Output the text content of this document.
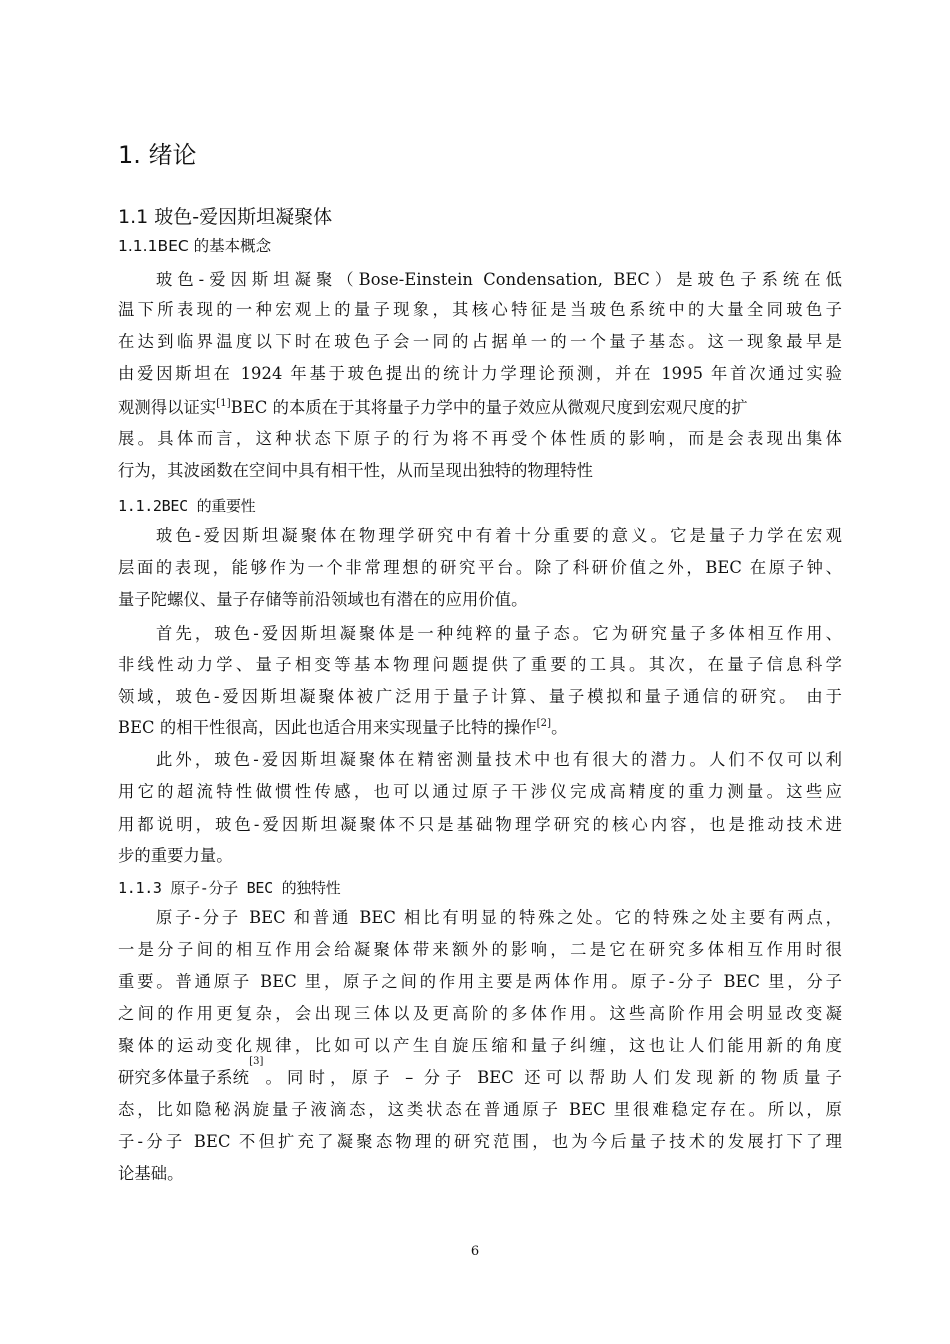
1. 绪论
1.1 玻色-爱因斯坦凝聚体
1.1.1BEC 的基本概念
玻色-爱因斯坦凝聚（Bose-Einstein Condensation, BEC）是玻色子系统在低
温下所表现的一种宏观上的量子现象，其核心特征是当玻色系统中的大量全同玻色子
在达到临界温度以下时在玻色子会一同的占据单一的一个量子基态。这一现象最早是
由爱因斯坦在 1924 年基于玻色提出的统计力学理论预测，并在 1995 年首次通过实验
观测得以证实[1]BEC 的本质在于其将量子力学中的量子效应从微观尺度到宏观尺度的扩
展。具体而言，这种状态下原子的行为将不再受个体性质的影响，而是会表现出集体
行为，其波函数在空间中具有相干性，从而呈现出独特的物理特性
1.1.2BEC 的重要性
玻色-爱因斯坦凝聚体在物理学研究中有着十分重要的意义。它是量子力学在宏观
层面的表现，能够作为一个非常理想的研究平台。除了科研价值之外，BEC 在原子钟、
量子陀螺仪、量子存储等前沿领域也有潜在的应用价值。
首先，玻色-爱因斯坦凝聚体是一种纯粹的量子态。它为研究量子多体相互作用、
非线性动力学、量子相变等基本物理问题提供了重要的工具。其次，在量子信息科学
领域，玻色-爱因斯坦凝聚体被广泛用于量子计算、量子模拟和量子通信的研究。 由于
BEC 的相干性很高，因此也适合用来实现量子比特的操作[2]。
此外，玻色-爱因斯坦凝聚体在精密测量技术中也有很大的潜力。人们不仅可以利
用它的超流特性做惯性传感，也可以通过原子干涉仪完成高精度的重力测量。这些应
用都说明，玻色-爱因斯坦凝聚体不只是基础物理学研究的核心内容，也是推动技术进
步的重要力量。
1.1.3 原子-分子 BEC 的独特性
原子-分子 BEC 和普通 BEC 相比有明显的特殊之处。它的特殊之处主要有两点，
一是分子间的相互作用会给凝聚体带来额外的影响，二是它在研究多体相互作用时很
重要。普通原子 BEC 里，原子之间的作用主要是两体作用。原子-分子 BEC 里，分子
之间的作用更复杂，会出现三体以及更高阶的多体作用。这些高阶作用会明显改变凝
聚体的运动变化规律，比如可以产生自旋压缩和量子纠缠，这也让人们能用新的角度
研究多体量子系统
[3]
。同时，原子 – 分子 BEC 还可以帮助人们发现新的物质量子
态，比如隐秘涡旋量子液滴态，这类状态在普通原子 BEC 里很难稳定存在。所以，原
子-分子 BEC 不但扩充了凝聚态物理的研究范围，也为今后量子技术的发展打下了理
论基础。
6
